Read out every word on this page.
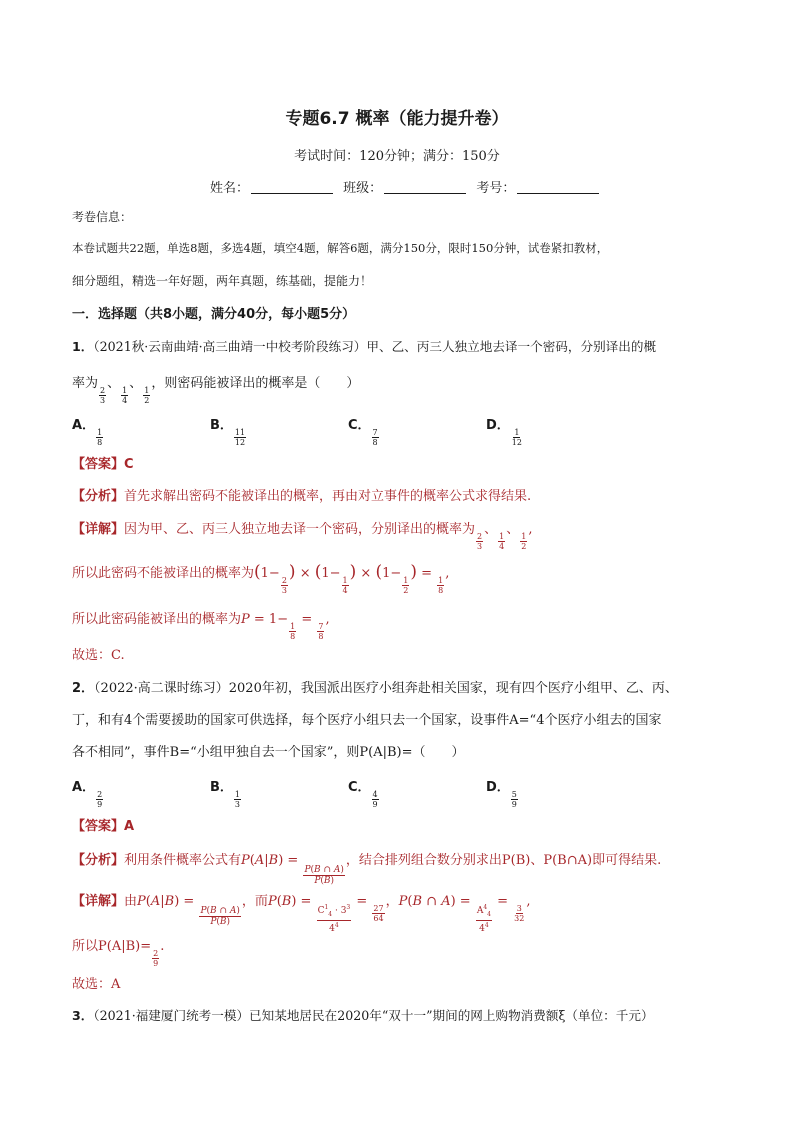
专题6.7 概率（能力提升卷）
考试时间：120分钟；满分：150分
姓名：	班级：	考号：
考卷信息：
本卷试题共22题，单选8题，多选4题，填空4题，解答6题，满分150分，限时150分钟，试卷紧扣教材，
细分题组，精选一年好题，两年真题，练基础，提能力！
一．选择题（共8小题，满分40分，每小题5分）
1．（2021秋·云南曲靖·高三曲靖一中校考阶段练习）甲、乙、丙三人独立地去译一个密码，分别译出的概
率为
$\frac{2}{3}$
、
$\frac{1}{4}$
、
$\frac{1}{2}$
，则密码能被译出的概率是（　　）
A．
$\frac{1}{8}$
B．
$\frac{11}{12}$
C．
$\frac{7}{8}$
D．
$\frac{1}{12}$
【答案】C
【分析】首先求解出密码不能被译出的概率，再由对立事件的概率公式求得结果.
【详解】因为甲、乙、丙三人独立地去译一个密码，分别译出的概率为
$\frac{2}{3}$
、
$\frac{1}{4}$
、
$\frac{1}{2}$
,
所以此密码不能被译出的概率为(1−
$\frac{2}{3}$
) × (1−
$\frac{1}{4}$
) × (1−
$\frac{1}{2}$
) =
$\frac{1}{8}$
,
所以此密码能被译出的概率为P = 1−
$\frac{1}{8}$
=
$\frac{7}{8}$
,
故选：C.
2．（2022·高二课时练习）2020年初，我国派出医疗小组奔赴相关国家，现有四个医疗小组甲、乙、丙、
丁，和有4个需要援助的国家可供选择，每个医疗小组只去一个国家，设事件A=“4个医疗小组去的国家
各不相同”，事件B=“小组甲独自去一个国家”，则P(A|B)=（　　）
A．
$\frac{2}{9}$
B．
$\frac{1}{3}$
C．
$\frac{4}{9}$
D．
$\frac{5}{9}$
【答案】A
【分析】利用条件概率公式有P(A|B) =
$\frac{P(B \cap A)}{P(B)}$
，结合排列组合数分别求出P(B)、P(B∩A)即可得结果.
【详解】由P(A|B) =
$\frac{P(B \cap A)}{P(B)}$
，而P(B) =
$\frac{C^1_4 \cdot 3^3}{4^4}$
=
$\frac{27}{64}$
，P(B ∩ A) =
$\frac{A^4_4}{4^4}$
=
$\frac{3}{32}$
,
所以P(A|B)=
$\frac{2}{9}$
.
故选：A
3．（2021·福建厦门统考一模）已知某地居民在2020年“双十一”期间的网上购物消费额ξ（单位：千元）
